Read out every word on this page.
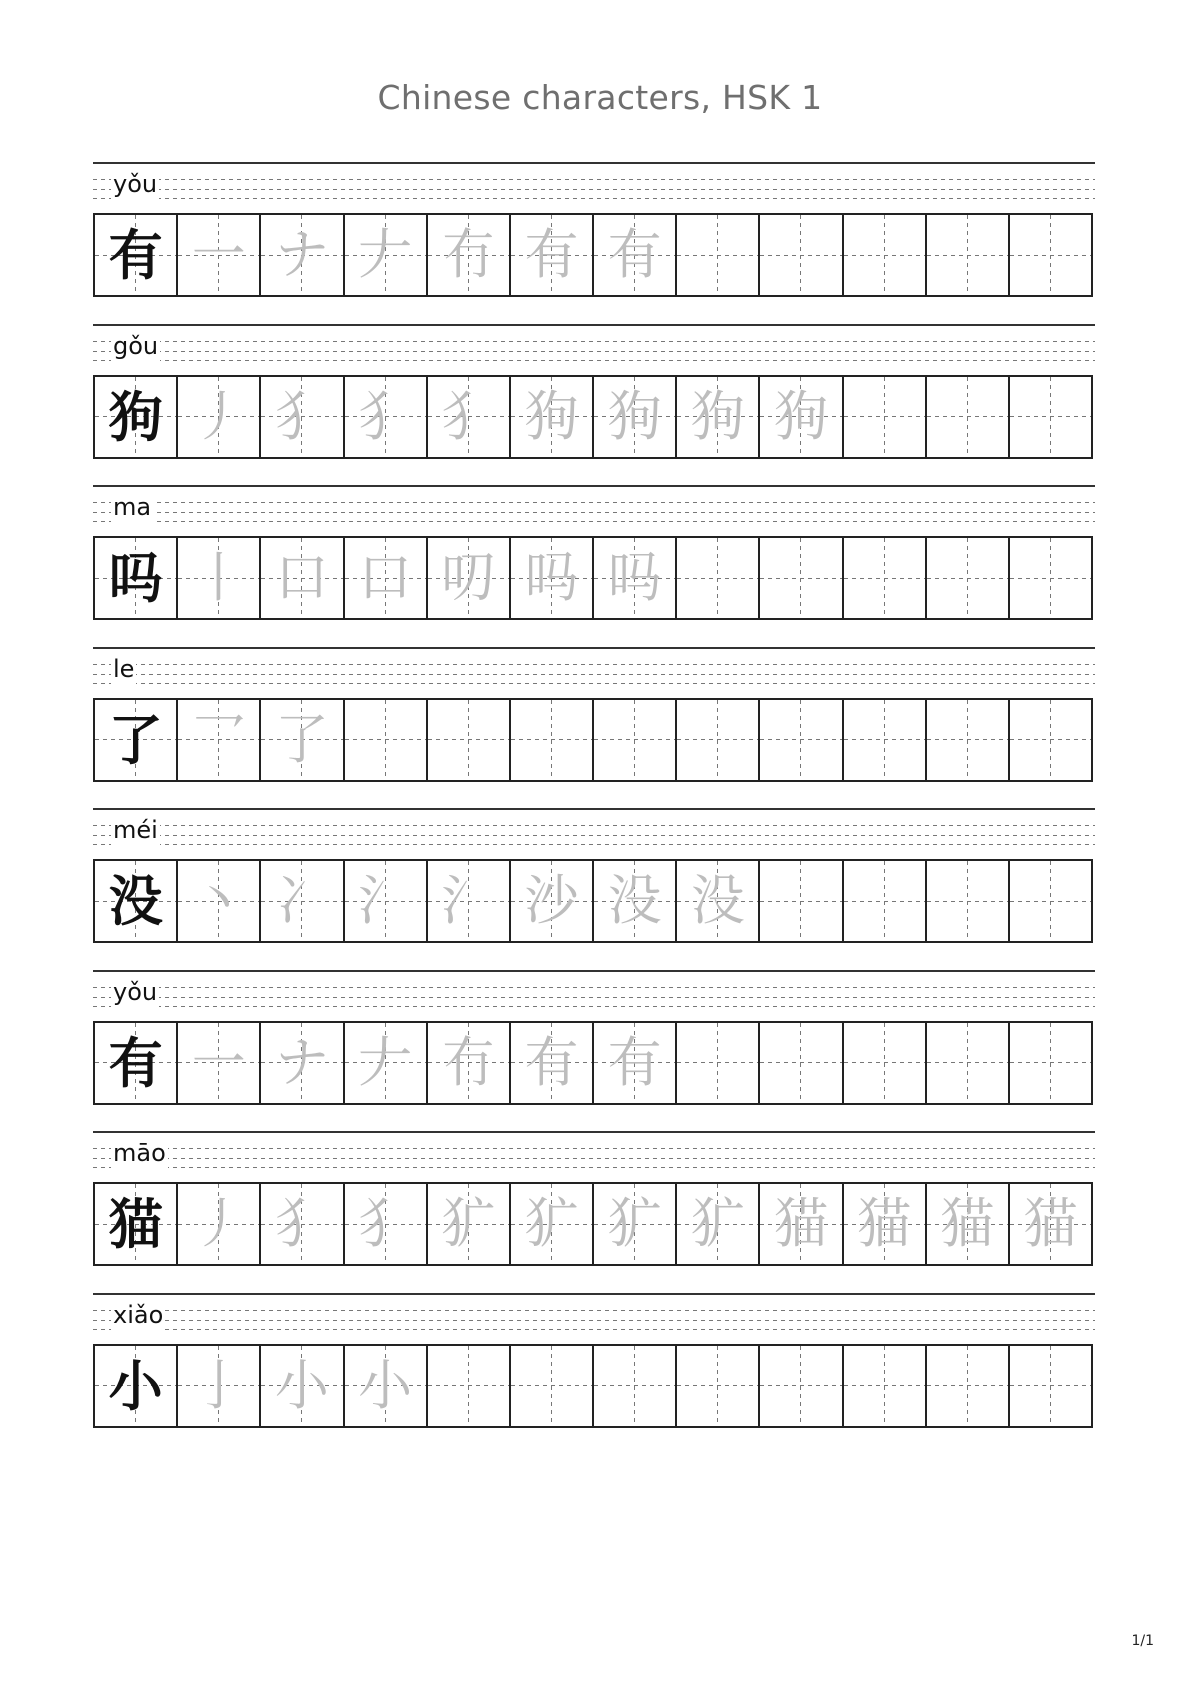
Chinese characters, HSK 1
yǒu
有 一 ナ 𠂇 冇 有 有
gǒu
狗 丿 犭 犭 犭 狗 狗 狗 狗
ma
吗 丨 口 口 叨 吗 吗
le
了 乛 了
méi
没 丶 冫 氵 氵 沙 没 没
yǒu
有 一 ナ 𠂇 冇 有 有
māo
猫 丿 犭 犭 犷 犷 犷 犷 猫 猫 猫 猫
xiǎo
小 亅 小 小
1/1
